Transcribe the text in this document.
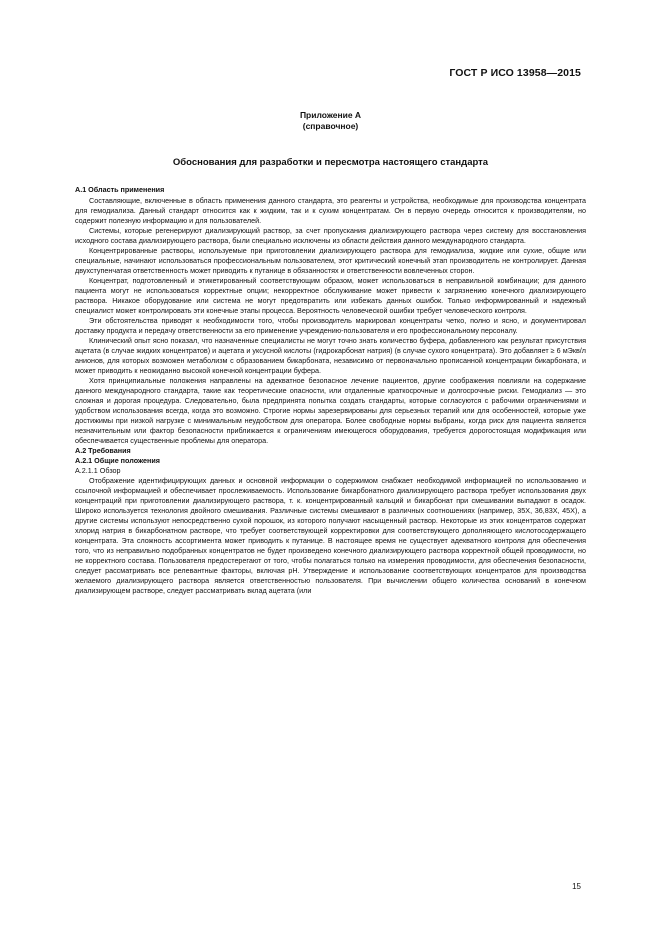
ГОСТ Р ИСО 13958—2015
Приложение А
(справочное)
Обоснования для разработки и пересмотра настоящего стандарта

А.1 Область применения

Составляющие, включенные в область применения данного стандарта, это реагенты и устройства, необходимые для производства концентрата для гемодиализа. Данный стандарт относится как к жидким, так и к сухим концентратам. Он в первую очередь относится к производителям, но содержит полезную информацию и для пользователей.

Системы, которые регенерируют диализирующий раствор, за счет пропускания диализирующего раствора через систему для восстановления исходного состава диализирующего раствора, были специально исключены из области действия данного международного стандарта.

Концентрированные растворы, используемые при приготовлении диализирующего раствора для гемодиализа, жидкие или сухие, общие или специальные, начинают использоваться профессиональным пользователем, этот критический конечный этап производитель не контролирует. Данная двухступенчатая ответственность может приводить к путанице в обязанностях и ответственности вовлеченных сторон.

Концентрат, подготовленный и этикетированный соответствующим образом, может использоваться в неправильной комбинации; для данного пациента могут не использоваться корректные опции; некорректное обслуживание может привести к загрязнению конечного диализирующего раствора. Никакое оборудование или система не могут предотвратить или избежать данных ошибок. Только информированный и надежный специалист может контролировать эти конечные этапы процесса. Вероятность человеческой ошибки требует человеческого контроля.

Эти обстоятельства приводят к необходимости того, чтобы производитель маркировал концентраты четко, полно и ясно, и документировал доставку продукта и передачу ответственности за его применение учреждению-пользователя и его профессиональному персоналу.

Клинический опыт ясно показал, что назначенные специалисты не могут точно знать количество буфера, добавленного как результат присутствия ацетата (в случае жидких концентратов) и ацетата и уксусной кислоты (гидрокарбонат натрия) (в случае сухого концентрата). Это добавляет ≥ 6 мЭкв/л анионов, для которых возможен метаболизм с образованием бикарбоната, независимо от первоначально прописанной концентрации бикарбоната, и может приводить к неожиданно высокой конечной концентрации буфера.

Хотя принципиальные положения направлены на адекватное безопасное лечение пациентов, другие соображения повлияли на содержание данного международного стандарта, такие как теоретические опасности, или отдаленные краткосрочные и долгосрочные риски. Гемодиализ — это сложная и дорогая процедура. Следовательно, была предпринята попытка создать стандарты, которые согласуются с рабочими ограничениями и удобством использования всегда, когда это возможно. Строгие нормы зарезервированы для серьезных терапий или для особенностей, которые уже достижимы при низкой нагрузке с минимальным неудобством для оператора. Более свободные нормы выбраны, когда риск для пациента является незначительным или фактор безопасности приближается к ограничениям имеющегося оборудования, требуется дорогостоящая модификация или обеспечивается существенные проблемы для оператора.

А.2 Требования

А.2.1 Общие положения

А.2.1.1 Обзор

Отображение идентифицирующих данных и основной информации о содержимом снабжает необходимой информацией по использованию и ссылочной информацией и обеспечивает прослеживаемость. Использование бикарбонатного диализирующего раствора требует использования двух концентраций при приготовлении диализирующего раствора, т. к. концентрированный кальций и бикарбонат при смешивании выпадают в осадок. Широко используется технология двойного смешивания. Различные системы смешивают в различных соотношениях (например, 35X, 36,83X, 45X), а другие системы используют непосредственно сухой порошок, из которого получают насыщенный раствор. Некоторые из этих концентратов содержат хлорид натрия в бикарбонатном растворе, что требует соответствующей корректировки для соответствующего дополняющего кислотосодержащего концентрата. Эта сложность ассортимента может приводить к путанице. В настоящее время не существует адекватного контроля для обеспечения того, что из неправильно подобранных концентратов не будет произведено конечного диализирующего раствора корректной общей проводимости, но не корректного состава. Пользователя предостерегают от того, чтобы полагаться только на измерения проводимости, для обеспечения безопасности, следует рассматривать все релевантные факторы, включая pH. Утверждение и использование соответствующих концентратов для производства желаемого диализирующего раствора является ответственностью пользователя. При вычислении общего количества оснований в конечном диализирующем растворе, следует рассматривать вклад ацетата (или

15
